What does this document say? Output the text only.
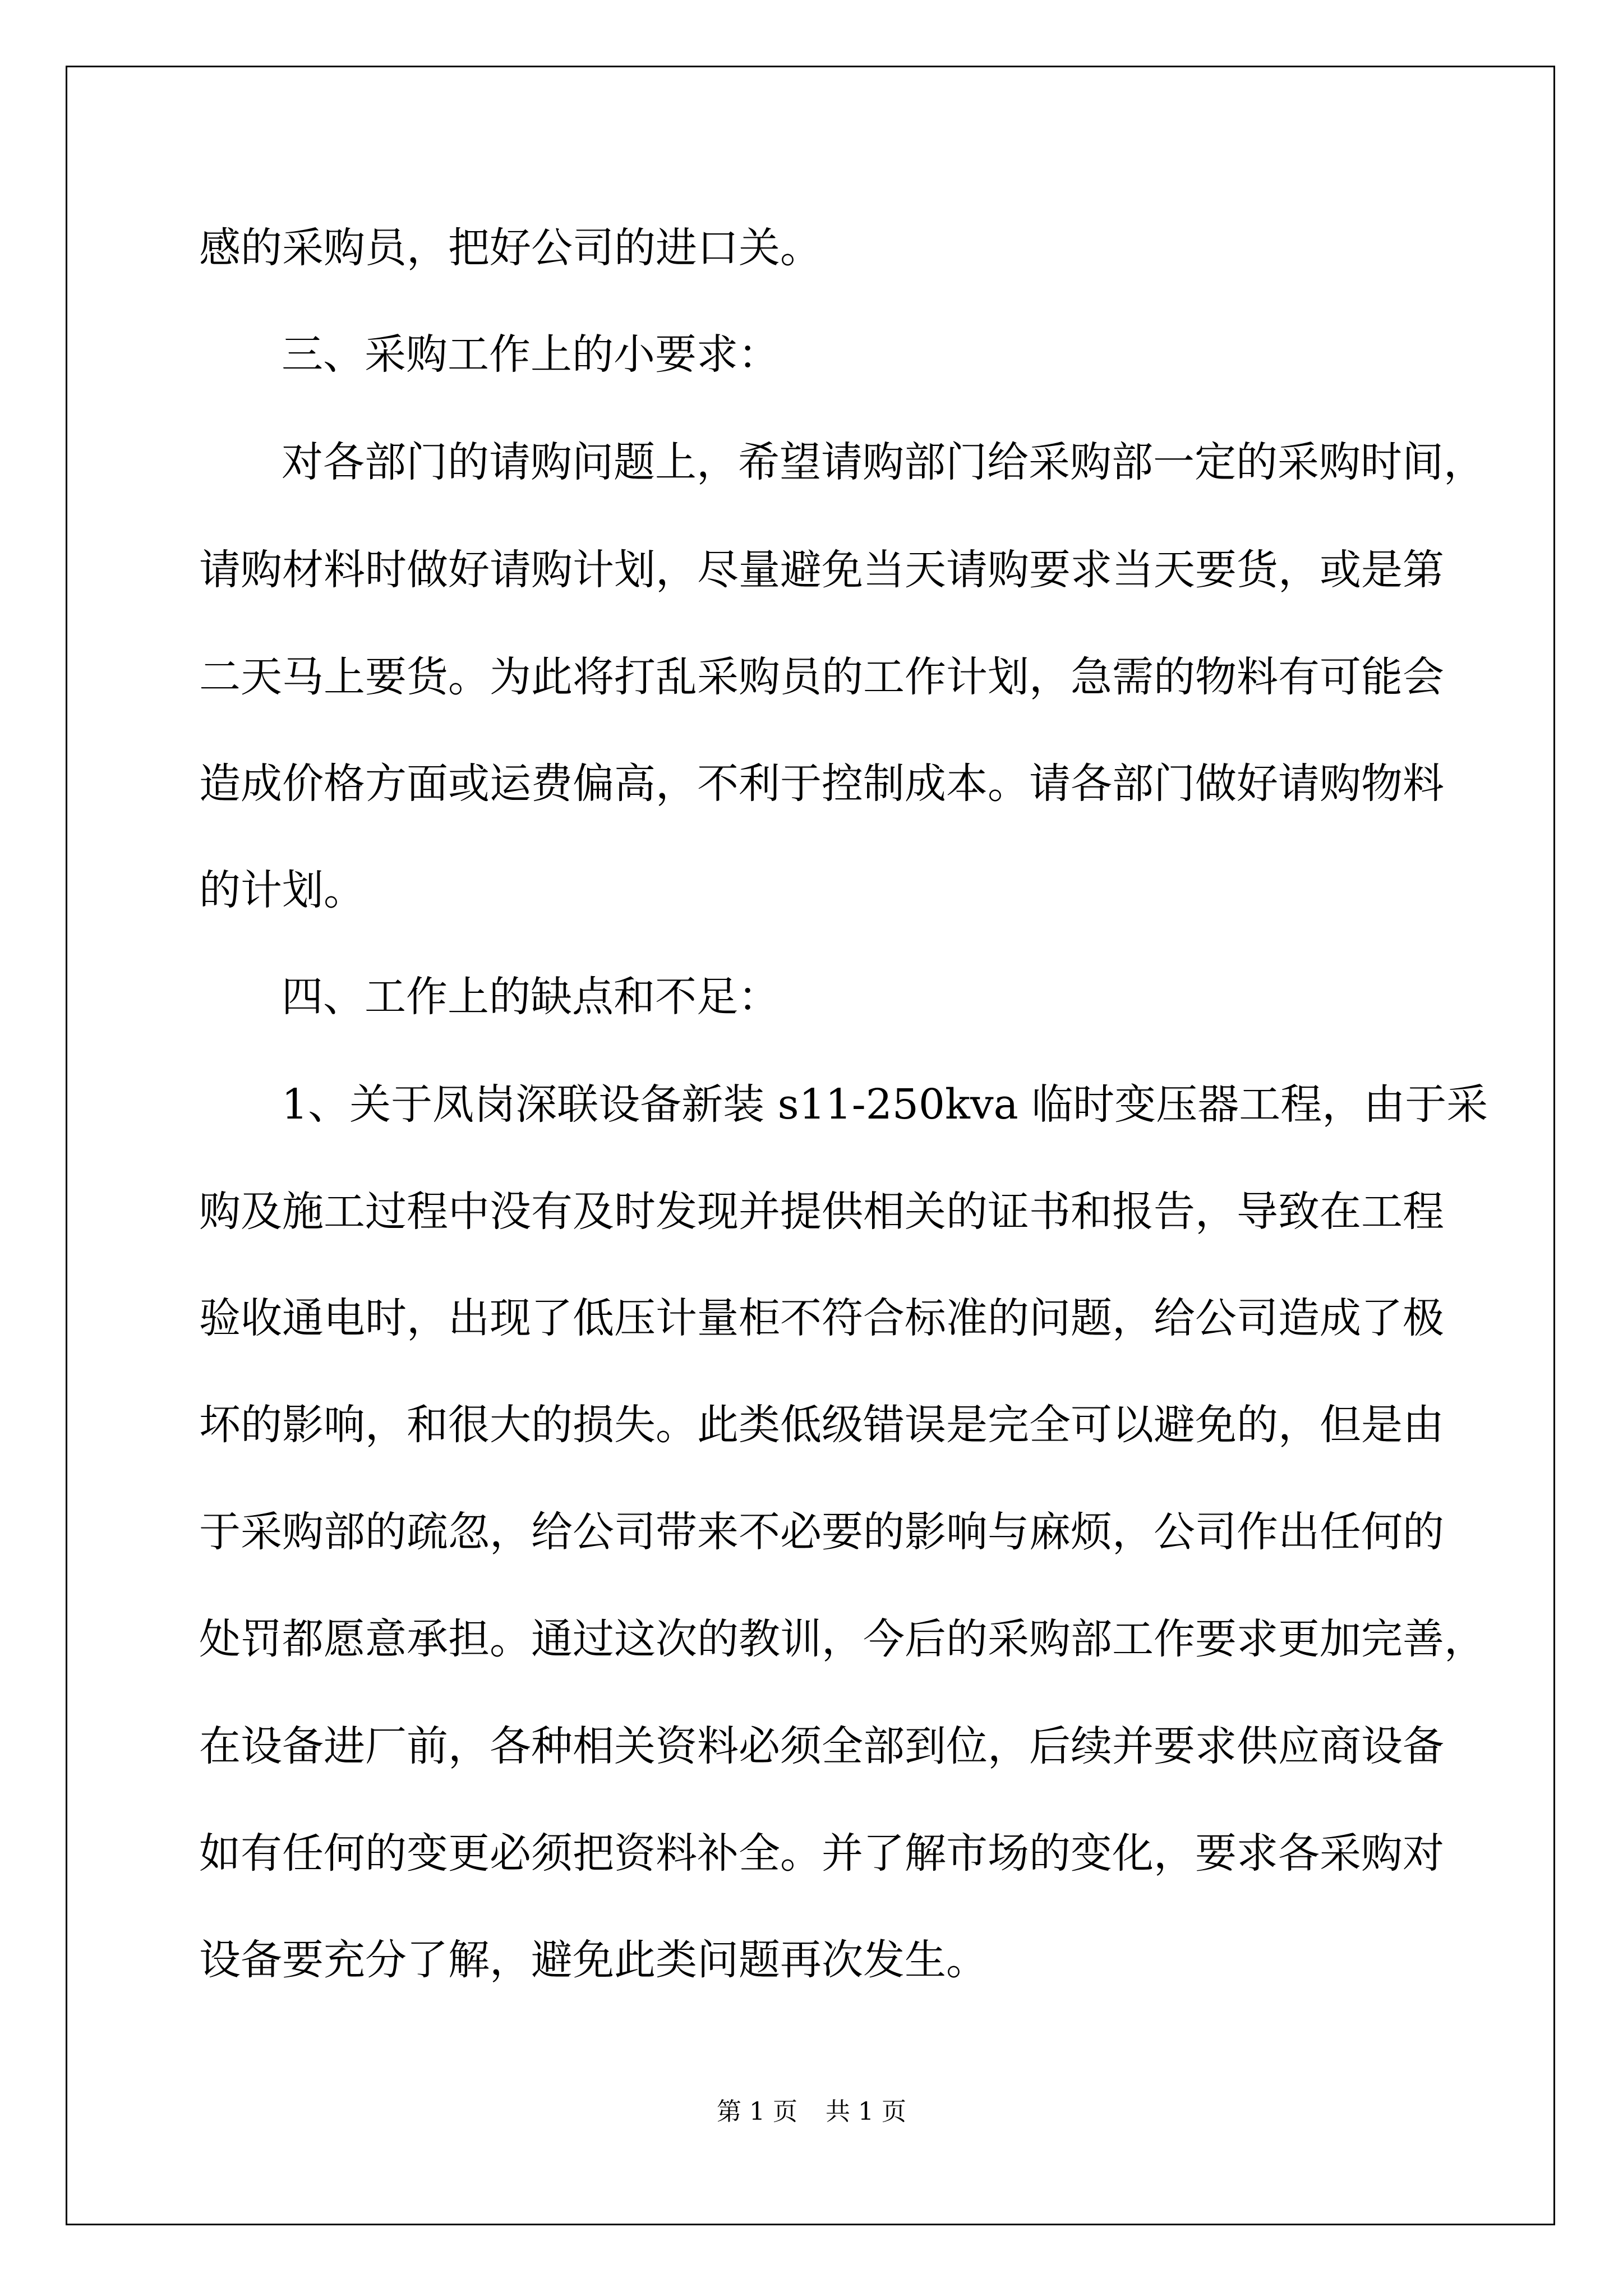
感的采购员，把好公司的进口关。
三、采购工作上的小要求：
对各部门的请购问题上，希望请购部门给采购部一定的采购时间，
请购材料时做好请购计划，尽量避免当天请购要求当天要货，或是第
二天马上要货。为此将打乱采购员的工作计划，急需的物料有可能会
造成价格方面或运费偏高，不利于控制成本。请各部门做好请购物料
的计划。
四、工作上的缺点和不足：
1、关于凤岗深联设备新装 s11-250kva 临时变压器工程，由于采
购及施工过程中没有及时发现并提供相关的证书和报告，导致在工程
验收通电时，出现了低压计量柜不符合标准的问题，给公司造成了极
坏的影响，和很大的损失。此类低级错误是完全可以避免的，但是由
于采购部的疏忽，给公司带来不必要的影响与麻烦，公司作出任何的
处罚都愿意承担。通过这次的教训，今后的采购部工作要求更加完善，
在设备进厂前，各种相关资料必须全部到位，后续并要求供应商设备
如有任何的变更必须把资料补全。并了解市场的变化，要求各采购对
设备要充分了解，避免此类问题再次发生。
第 1 页 共 1 页
